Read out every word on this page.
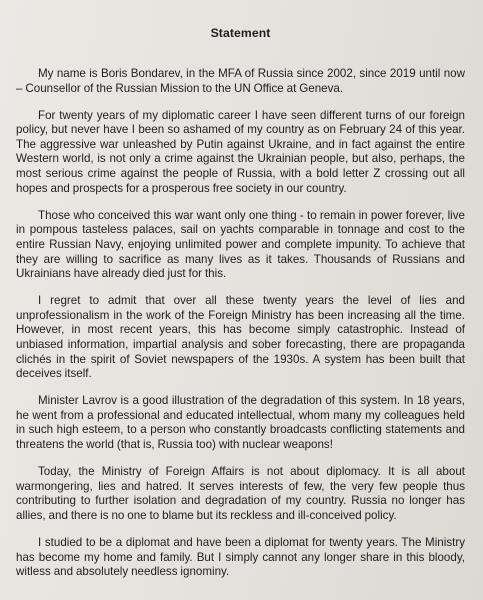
Statement

My name is Boris Bondarev, in the MFA of Russia since 2002, since 2019 until now – Counsellor of the Russian Mission to the UN Office at Geneva.

For twenty years of my diplomatic career I have seen different turns of our foreign policy, but never have I been so ashamed of my country as on February 24 of this year. The aggressive war unleashed by Putin against Ukraine, and in fact against the entire Western world, is not only a crime against the Ukrainian people, but also, perhaps, the most serious crime against the people of Russia, with a bold letter Z crossing out all hopes and prospects for a prosperous free society in our country.

Those who conceived this war want only one thing - to remain in power forever, live in pompous tasteless palaces, sail on yachts comparable in tonnage and cost to the entire Russian Navy, enjoying unlimited power and complete impunity. To achieve that they are willing to sacrifice as many lives as it takes. Thousands of Russians and Ukrainians have already died just for this.

I regret to admit that over all these twenty years the level of lies and unprofessionalism in the work of the Foreign Ministry has been increasing all the time. However, in most recent years, this has become simply catastrophic. Instead of unbiased information, impartial analysis and sober forecasting, there are propaganda clichés in the spirit of Soviet newspapers of the 1930s. A system has been built that deceives itself.

Minister Lavrov is a good illustration of the degradation of this system. In 18 years, he went from a professional and educated intellectual, whom many my colleagues held in such high esteem, to a person who constantly broadcasts conflicting statements and threatens the world (that is, Russia too) with nuclear weapons!

Today, the Ministry of Foreign Affairs is not about diplomacy. It is all about warmongering, lies and hatred. It serves interests of few, the very few people thus contributing to further isolation and degradation of my country. Russia no longer has allies, and there is no one to blame but its reckless and ill-conceived policy.

I studied to be a diplomat and have been a diplomat for twenty years. The Ministry has become my home and family. But I simply cannot any longer share in this bloody, witless and absolutely needless ignominy.
